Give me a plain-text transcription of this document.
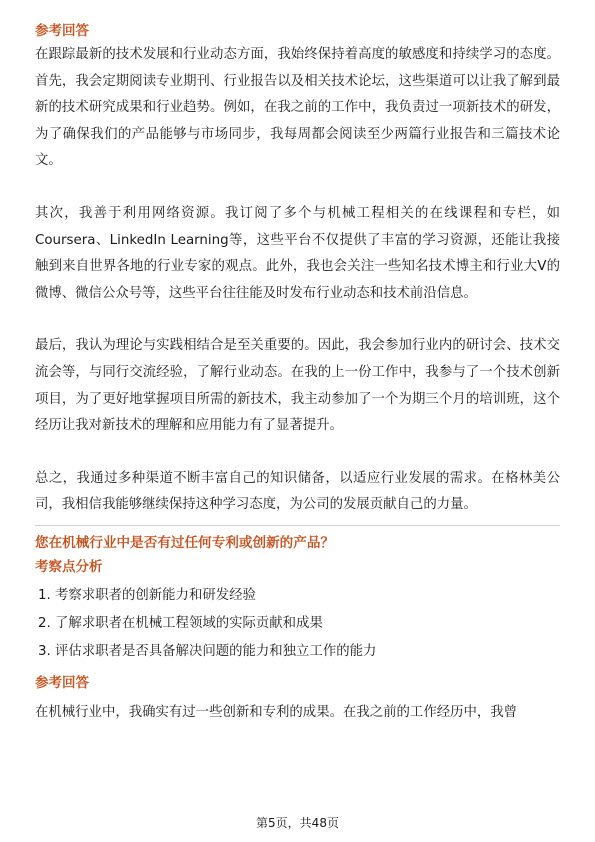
参考回答

在跟踪最新的技术发展和行业动态方面，我始终保持着高度的敏感度和持续学习的态度。首先，我会定期阅读专业期刊、行业报告以及相关技术论坛，这些渠道可以让我了解到最新的技术研究成果和行业趋势。例如，在我之前的工作中，我负责过一项新技术的研发，为了确保我们的产品能够与市场同步，我每周都会阅读至少两篇行业报告和三篇技术论文。

其次，我善于利用网络资源。我订阅了多个与机械工程相关的在线课程和专栏，如Coursera、LinkedIn Learning等，这些平台不仅提供了丰富的学习资源，还能让我接触到来自世界各地的行业专家的观点。此外，我也会关注一些知名技术博主和行业大V的微博、微信公众号等，这些平台往往能及时发布行业动态和技术前沿信息。

最后，我认为理论与实践相结合是至关重要的。因此，我会参加行业内的研讨会、技术交流会等，与同行交流经验，了解行业动态。在我的上一份工作中，我参与了一个技术创新项目，为了更好地掌握项目所需的新技术，我主动参加了一个为期三个月的培训班，这个经历让我对新技术的理解和应用能力有了显著提升。

总之，我通过多种渠道不断丰富自己的知识储备，以适应行业发展的需求。在格林美公司，我相信我能够继续保持这种学习态度，为公司的发展贡献自己的力量。

您在机械行业中是否有过任何专利或创新的产品？

考察点分析

1. 考察求职者的创新能力和研发经验

2. 了解求职者在机械工程领域的实际贡献和成果

3. 评估求职者是否具备解决问题的能力和独立工作的能力

参考回答

在机械行业中，我确实有过一些创新和专利的成果。在我之前的工作经历中，我曾

第5页，共48页
